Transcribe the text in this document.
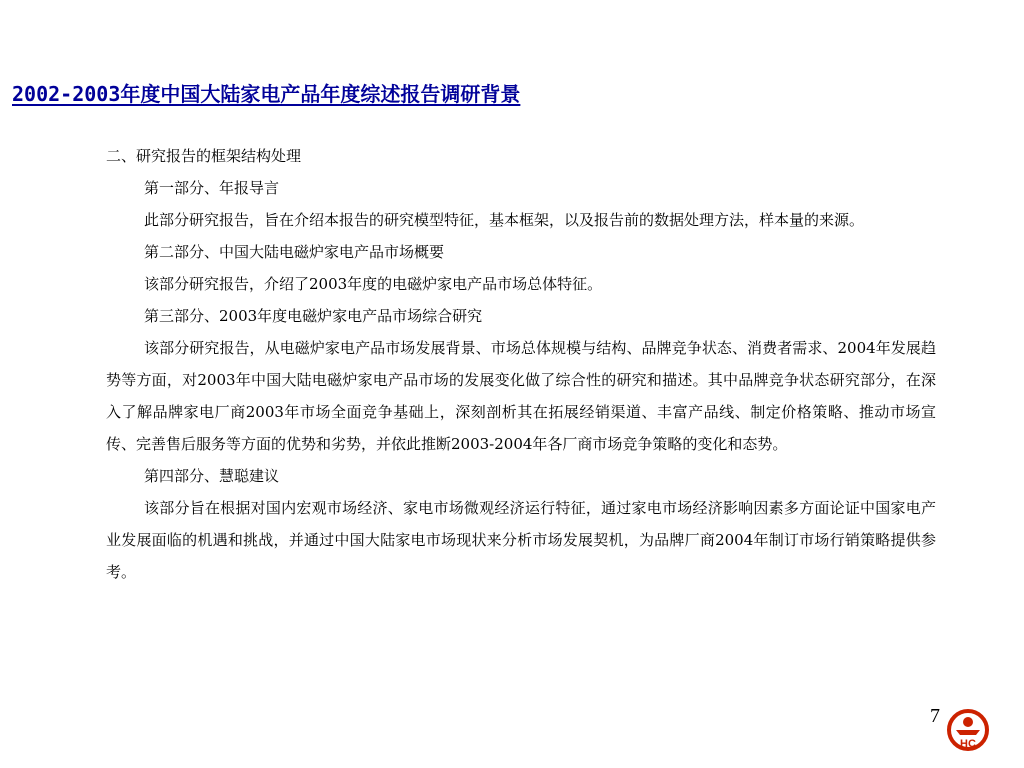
2002-2003年度中国大陆家电产品年度综述报告调研背景

二、研究报告的框架结构处理

第一部分、年报导言

此部分研究报告，旨在介绍本报告的研究模型特征，基本框架，以及报告前的数据处理方法，样本量的来源。

第二部分、中国大陆电磁炉家电产品市场概要

该部分研究报告，介绍了2003年度的电磁炉家电产品市场总体特征。

第三部分、2003年度电磁炉家电产品市场综合研究

该部分研究报告，从电磁炉家电产品市场发展背景、市场总体规模与结构、品牌竞争状态、消费者需求、2004年发展趋势等方面，对2003年中国大陆电磁炉家电产品市场的发展变化做了综合性的研究和描述。其中品牌竞争状态研究部分，在深入了解品牌家电厂商2003年市场全面竞争基础上，深刻剖析其在拓展经销渠道、丰富产品线、制定价格策略、推动市场宣传、完善售后服务等方面的优势和劣势，并依此推断2003-2004年各厂商市场竞争策略的变化和态势。

第四部分、慧聪建议

该部分旨在根据对国内宏观市场经济、家电市场微观经济运行特征，通过家电市场经济影响因素多方面论证中国家电产业发展面临的机遇和挑战，并通过中国大陆家电市场现状来分析市场发展契机，为品牌厂商2004年制订市场行销策略提供参考。

7
HC
